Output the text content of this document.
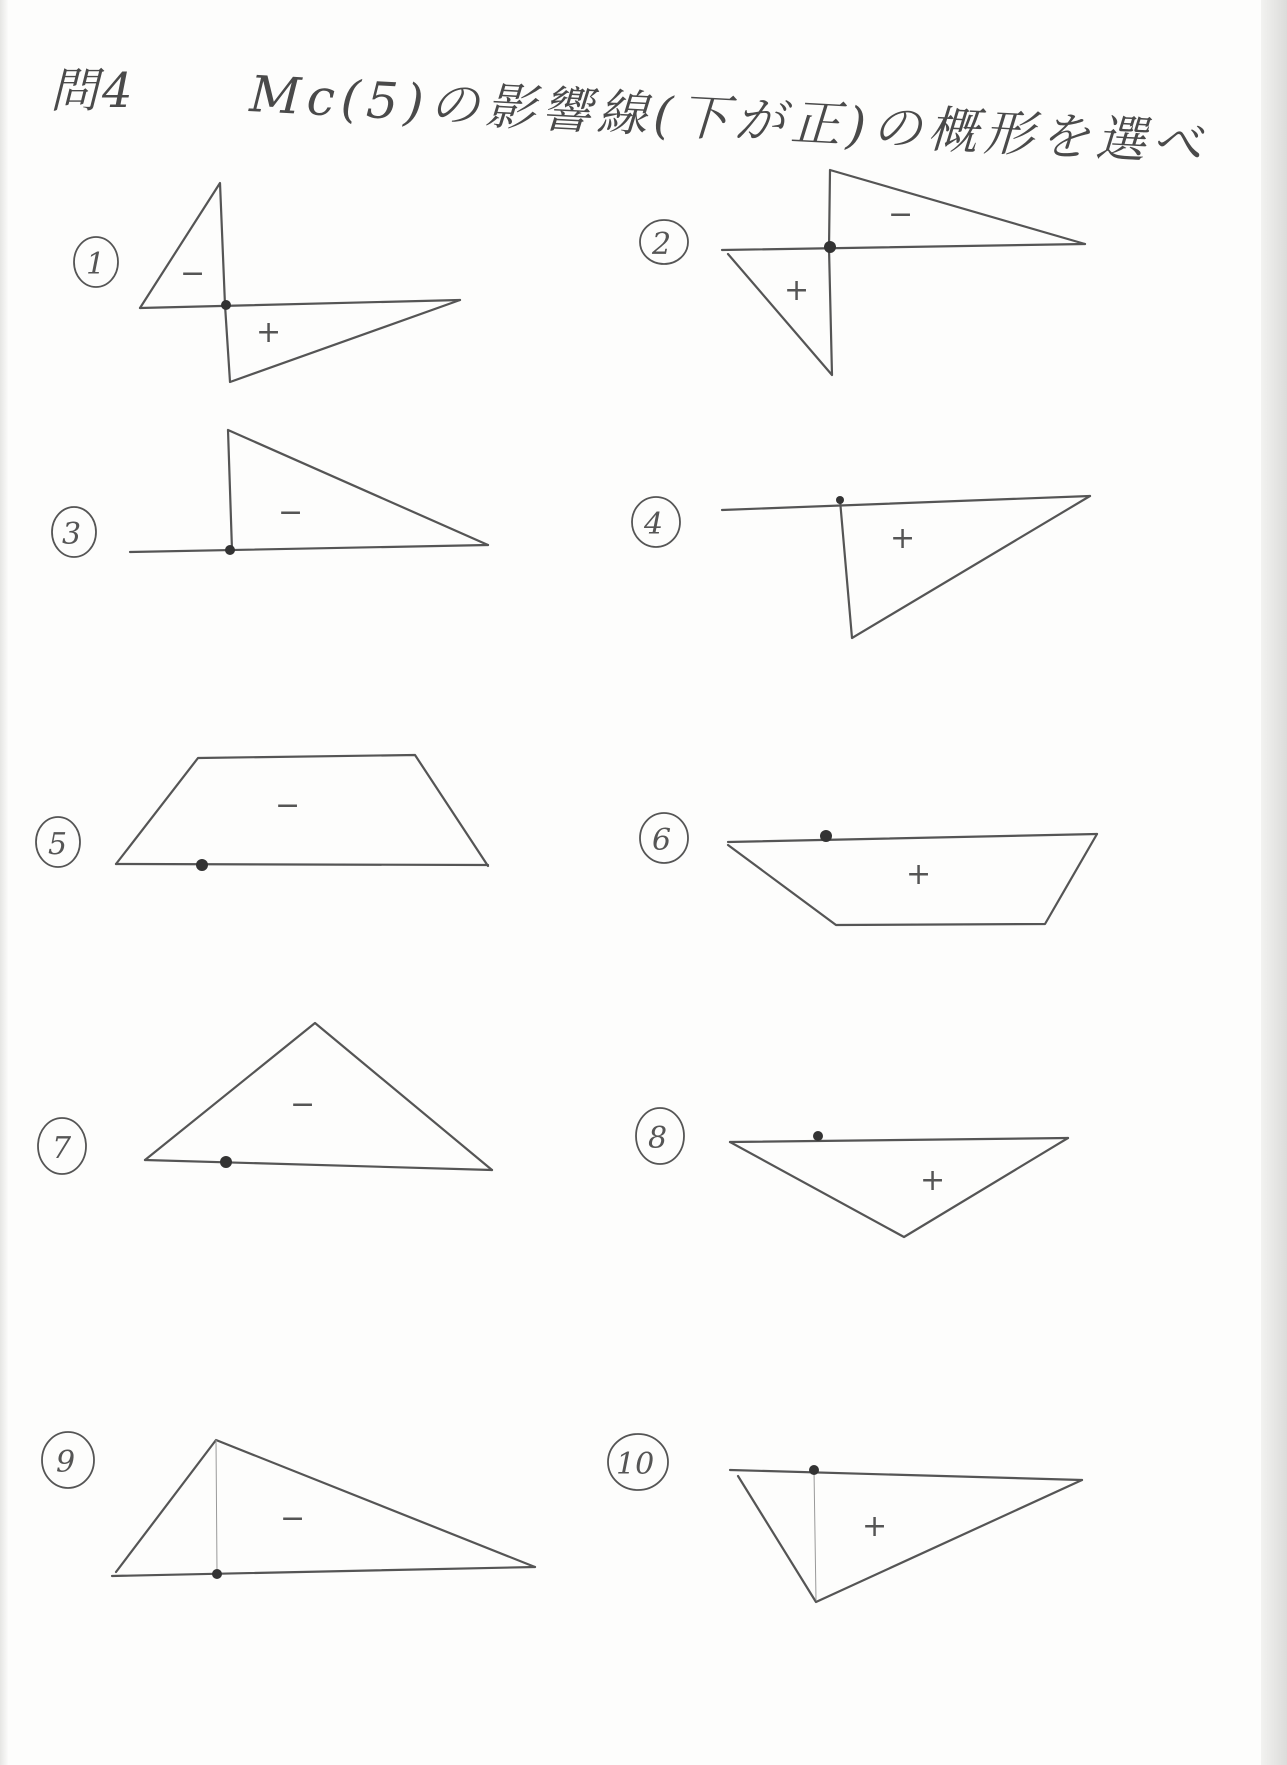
問4 Mc(5)の影響線(下が正)の概形を選べ
1 −
+
2
−
+
3
−	4	+
5
−
6
+
7
−
8
+
9
−
10
+
